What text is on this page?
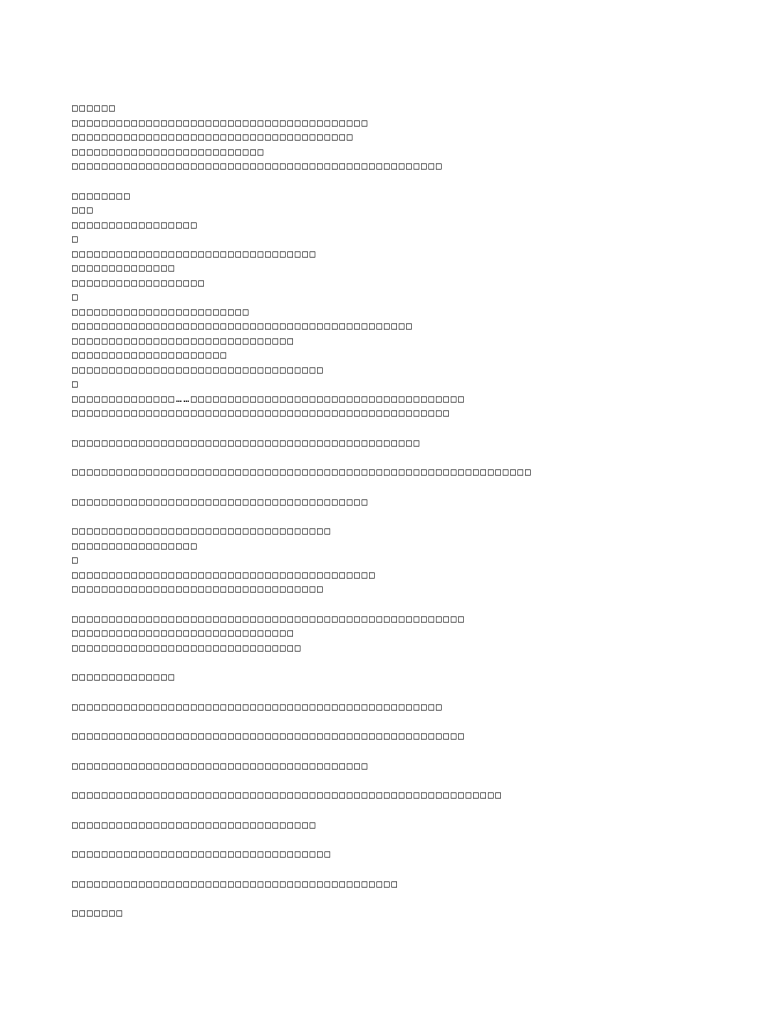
□□□□□□
□□□□□□□□□□□□□□□□□□□□□□□□□□□□□□□□□□□□□□□□
□□□□□□□□□□□□□□□□□□□□□□□□□□□□□□□□□□□□□□
□□□□□□□□□□□□□□□□□□□□□□□□□□
□□□□□□□□□□□□□□□□□□□□□□□□□□□□□□□□□□□□□□□□□□□□□□□□□□
□□□□□□□□
□□□
□□□□□□□□□□□□□□□□□
□
□□□□□□□□□□□□□□□□□□□□□□□□□□□□□□□□□
□□□□□□□□□□□□□□
□□□□□□□□□□□□□□□□□□
□
□□□□□□□□□□□□□□□□□□□□□□□□
□□□□□□□□□□□□□□□□□□□□□□□□□□□□□□□□□□□□□□□□□□□□□□
□□□□□□□□□□□□□□□□□□□□□□□□□□□□□□
□□□□□□□□□□□□□□□□□□□□□
□□□□□□□□□□□□□□□□□□□□□□□□□□□□□□□□□□
□
□□□□□□□□□□□□□□……□□□□□□□□□□□□□□□□□□□□□□□□□□□□□□□□□□□□□
□□□□□□□□□□□□□□□□□□□□□□□□□□□□□□□□□□□□□□□□□□□□□□□□□□□
□□□□□□□□□□□□□□□□□□□□□□□□□□□□□□□□□□□□□□□□□□□□□□□
□□□□□□□□□□□□□□□□□□□□□□□□□□□□□□□□□□□□□□□□□□□□□□□□□□□□□□□□□□□□□□
□□□□□□□□□□□□□□□□□□□□□□□□□□□□□□□□□□□□□□□□
□□□□□□□□□□□□□□□□□□□□□□□□□□□□□□□□□□□
□□□□□□□□□□□□□□□□□
□
□□□□□□□□□□□□□□□□□□□□□□□□□□□□□□□□□□□□□□□□□
□□□□□□□□□□□□□□□□□□□□□□□□□□□□□□□□□□
□□□□□□□□□□□□□□□□□□□□□□□□□□□□□□□□□□□□□□□□□□□□□□□□□□□□□
□□□□□□□□□□□□□□□□□□□□□□□□□□□□□□
□□□□□□□□□□□□□□□□□□□□□□□□□□□□□□□
□□□□□□□□□□□□□□
□□□□□□□□□□□□□□□□□□□□□□□□□□□□□□□□□□□□□□□□□□□□□□□□□□
□□□□□□□□□□□□□□□□□□□□□□□□□□□□□□□□□□□□□□□□□□□□□□□□□□□□□
□□□□□□□□□□□□□□□□□□□□□□□□□□□□□□□□□□□□□□□□
□□□□□□□□□□□□□□□□□□□□□□□□□□□□□□□□□□□□□□□□□□□□□□□□□□□□□□□□□□
□□□□□□□□□□□□□□□□□□□□□□□□□□□□□□□□□
□□□□□□□□□□□□□□□□□□□□□□□□□□□□□□□□□□□
□□□□□□□□□□□□□□□□□□□□□□□□□□□□□□□□□□□□□□□□□□□□
□□□□□□□
